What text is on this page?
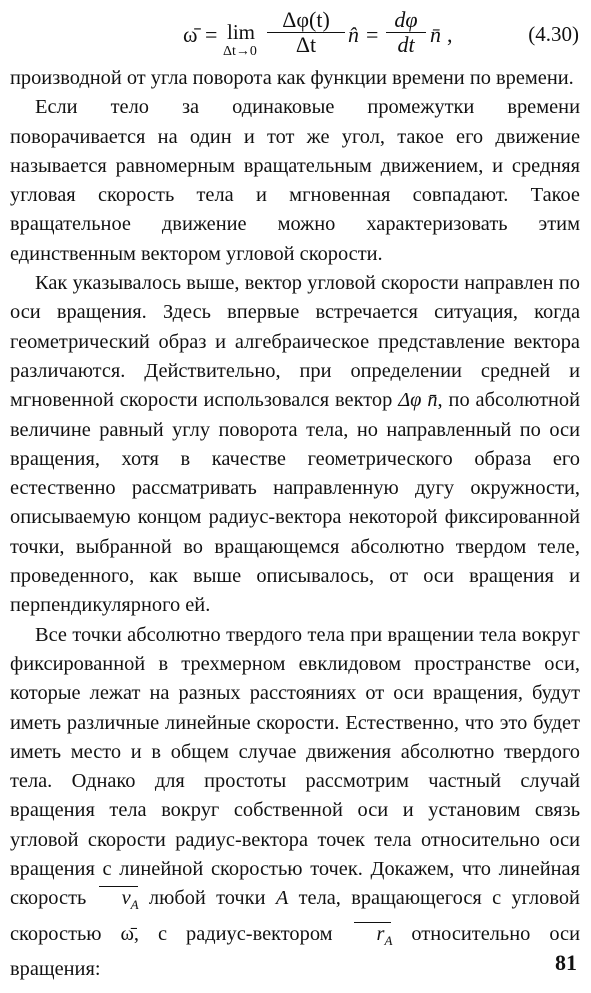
ω̄ = lim
$\Delta t\to 0 \frac{\Delta\varphi(t)}{\Delta t}$ n̂ = $\frac{d\varphi}{dt}$ n̄ ,	(4.30)

производной от угла поворота как функции времени по времени.

Если тело за одинаковые промежутки времени поворачивается на один и тот же угол, такое его движение называется равномерным вращательным движением, и средняя угловая скорость тела и мгновенная совпадают. Такое вращательное движение можно характеризовать этим единственным вектором угловой скорости.

Как указывалось выше, вектор угловой скорости направлен по оси вращения. Здесь впервые встречается ситуация, когда геометрический образ и алгебраическое представление вектора различаются. Действительно, при определении средней и мгновенной скорости использовался вектор Δφ n̄, по абсолютной величине равный углу поворота тела, но направленный по оси вращения, хотя в качестве геометрического образа его естественно рассматривать направленную дугу окружности, описываемую концом радиус-вектора некоторой фиксированной точки, выбранной во вращающемся абсолютно твердом теле, проведенного, как выше описывалось, от оси вращения и перпендикулярного ей.

Все точки абсолютно твердого тела при вращении тела вокруг фиксированной в трехмерном евклидовом пространстве оси, которые лежат на разных расстояниях от оси вращения, будут иметь различные линейные скорости. Естественно, что это будет иметь место и в общем случае движения абсолютно твердого тела. Однако для простоты рассмотрим частный случай вращения тела вокруг собственной оси и установим связь угловой скорости радиус-вектора точек тела относительно оси вращения с линейной скоростью точек. Докажем, что линейная скорость $v_A$ любой точки A тела, вращающегося с угловой скоростью ω̄, с радиус-вектором $r_A$ относительно оси вращения:	81
